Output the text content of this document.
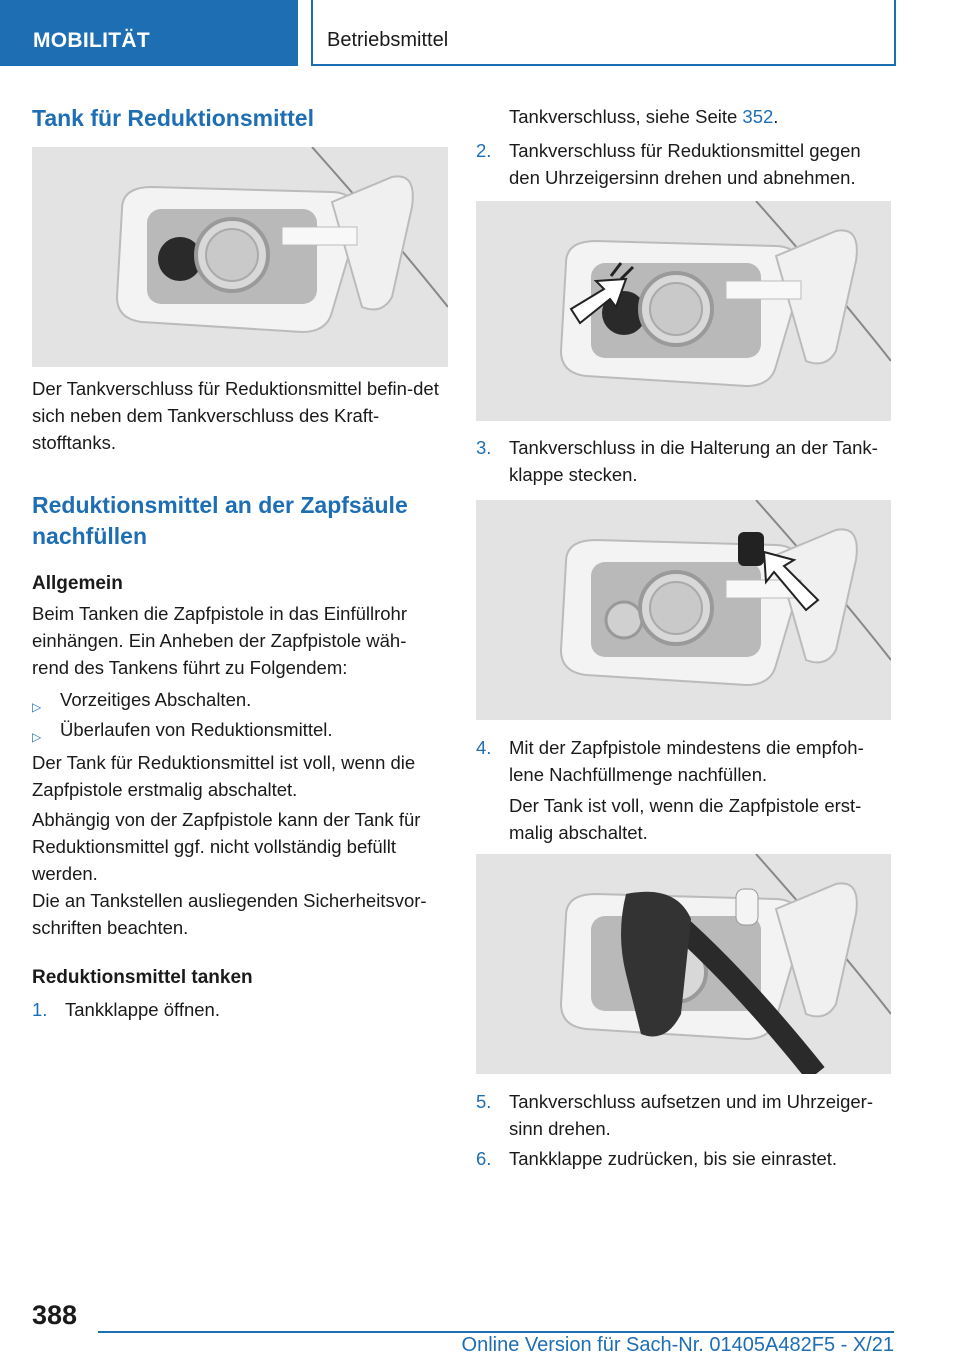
MOBILITÄT	Betriebsmittel
Tank für Reduktionsmittel

Der Tankverschluss für Reduktionsmittel befin-det sich neben dem Tankverschluss des Kraft-stofftanks.

Reduktionsmittel an der Zapfsäule nachfüllen
Allgemein

Beim Tanken die Zapfpistole in das Einfüllrohr einhängen. Ein Anheben der Zapfpistole wäh-rend des Tankens führt zu Folgendem:

▷ Vorzeitiges Abschalten.
▷ Überlaufen von Reduktionsmittel.

Der Tank für Reduktionsmittel ist voll, wenn die Zapfpistole erstmalig abschaltet.

Abhängig von der Zapfpistole kann der Tank für Reduktionsmittel ggf. nicht vollständig befüllt werden.

Die an Tankstellen ausliegenden Sicherheitsvor-schriften beachten.

Reduktionsmittel tanken
1. Tankklappe öffnen.
Tankverschluss, siehe Seite 352.
2. Tankverschluss für Reduktionsmittel gegen den Uhrzeigersinn drehen und abnehmen.
3. Tankverschluss in die Halterung an der Tank-klappe stecken.
4. Mit der Zapfpistole mindestens die empfoh-lene Nachfüllmenge nachfüllen.

Der Tank ist voll, wenn die Zapfpistole erst-malig abschaltet.

5. Tankverschluss aufsetzen und im Uhrzeiger-sinn drehen.
6. Tankklappe zudrücken, bis sie einrastet.
388
Online Version für Sach-Nr. 01405A482F5 - X/21
